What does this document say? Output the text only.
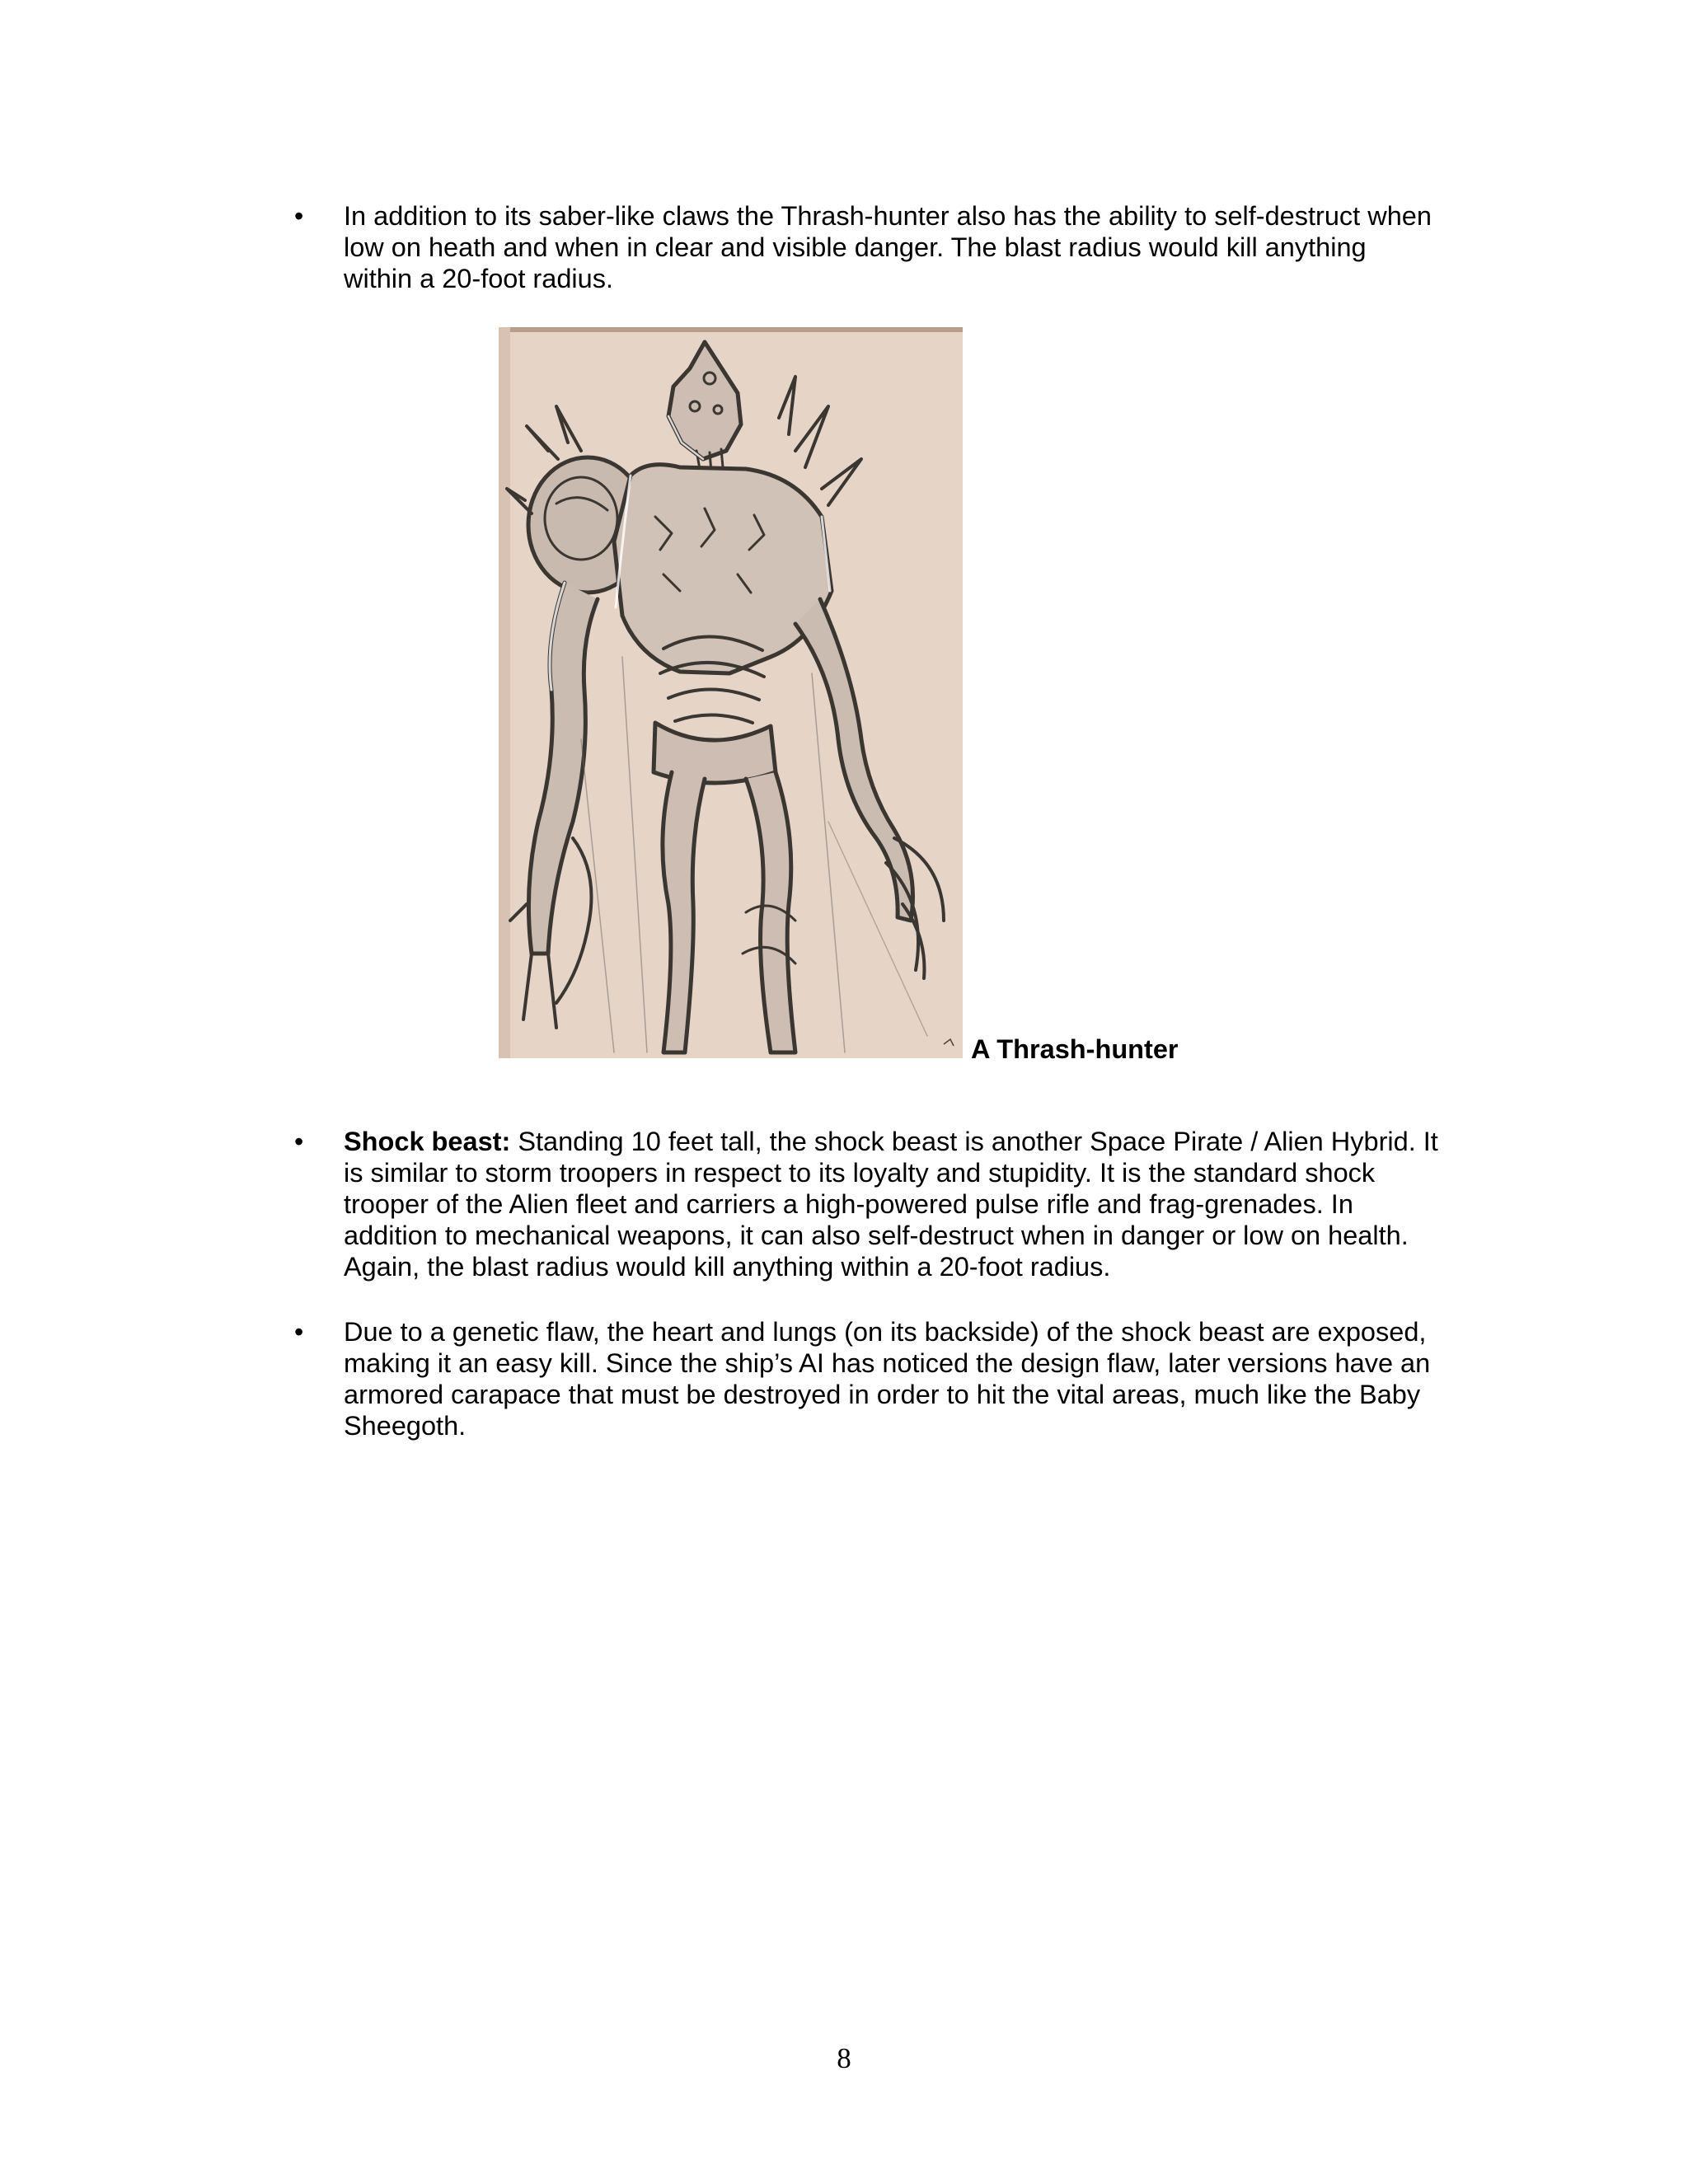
•	In addition to its saber-like claws the Thrash-hunter also has the ability to self-destruct when low on heath and when in clear and visible danger. The blast radius would kill anything within a 20-foot radius.
A Thrash-hunter
•	Shock beast: Standing 10 feet tall, the shock beast is another Space Pirate / Alien Hybrid. It is similar to storm troopers in respect to its loyalty and stupidity. It is the standard shock trooper of the Alien fleet and carriers a high-powered pulse rifle and frag-grenades. In addition to mechanical weapons, it can also self-destruct when in danger or low on health. Again, the blast radius would kill anything within a 20-foot radius.
•	Due to a genetic flaw, the heart and lungs (on its backside) of the shock beast are exposed, making it an easy kill. Since the ship’s AI has noticed the design flaw, later versions have an armored carapace that must be destroyed in order to hit the vital areas, much like the Baby Sheegoth.
8
